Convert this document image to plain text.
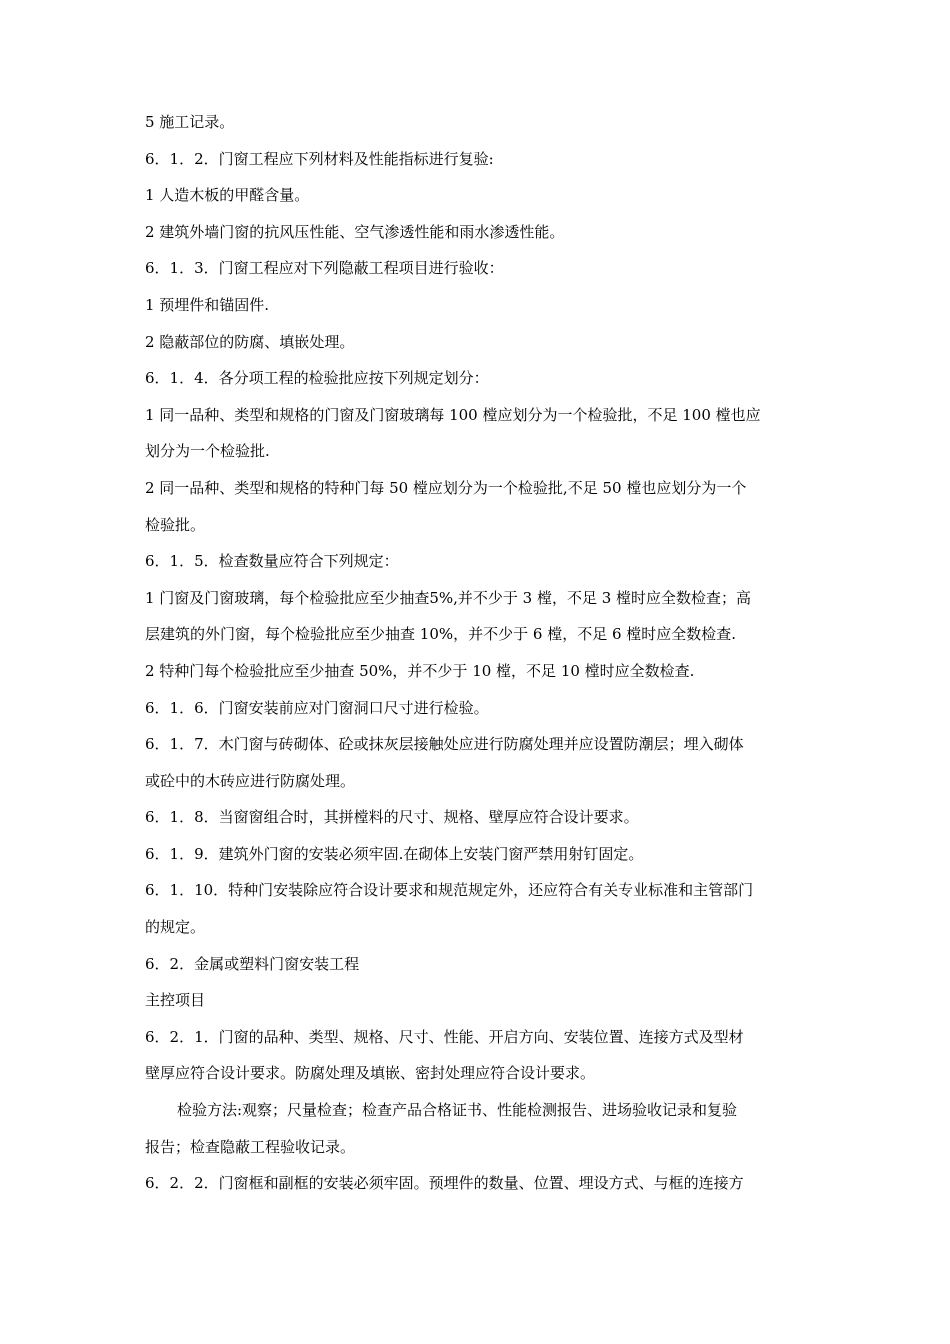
5 施工记录。
6．1．2．门窗工程应下列材料及性能指标进行复验:
1 人造木板的甲醛含量。
2 建筑外墙门窗的抗风压性能、空气渗透性能和雨水渗透性能。
6．1．3．门窗工程应对下列隐蔽工程项目进行验收：
1 预埋件和锚固件.
2 隐蔽部位的防腐、填嵌处理。
6．1．4．各分项工程的检验批应按下列规定划分：
1 同一品种、类型和规格的门窗及门窗玻璃每 100 樘应划分为一个检验批，不足 100 樘也应
划分为一个检验批.
2 同一品种、类型和规格的特种门每 50 樘应划分为一个检验批,不足 50 樘也应划分为一个
检验批。
6．1．5．检查数量应符合下列规定：
1 门窗及门窗玻璃，每个检验批应至少抽查5%,并不少于 3 樘，不足 3 樘时应全数检查；高
层建筑的外门窗，每个检验批应至少抽查 10%，并不少于 6 樘，不足 6 樘时应全数检查.
2 特种门每个检验批应至少抽查 50%，并不少于 10 樘，不足 10 樘时应全数检查.
6．1．6．门窗安装前应对门窗洞口尺寸进行检验。
6．1．7．木门窗与砖砌体、砼或抹灰层接触处应进行防腐处理并应设置防潮层；埋入砌体
或砼中的木砖应进行防腐处理。
6．1．8．当窗窗组合时，其拼樘料的尺寸、规格、壁厚应符合设计要求。
6．1．9．建筑外门窗的安装必须牢固.在砌体上安装门窗严禁用射钉固定。
6．1．10．特种门安装除应符合设计要求和规范规定外，还应符合有关专业标准和主管部门
的规定。
6．2．金属或塑料门窗安装工程
主控项目
6．2．1．门窗的品种、类型、规格、尺寸、性能、开启方向、安装位置、连接方式及型材
壁厚应符合设计要求。防腐处理及填嵌、密封处理应符合设计要求。
检验方法:观察；尺量检查；检查产品合格证书、性能检测报告、进场验收记录和复验
报告；检查隐蔽工程验收记录。
6．2．2．门窗框和副框的安装必须牢固。预埋件的数量、位置、埋设方式、与框的连接方
